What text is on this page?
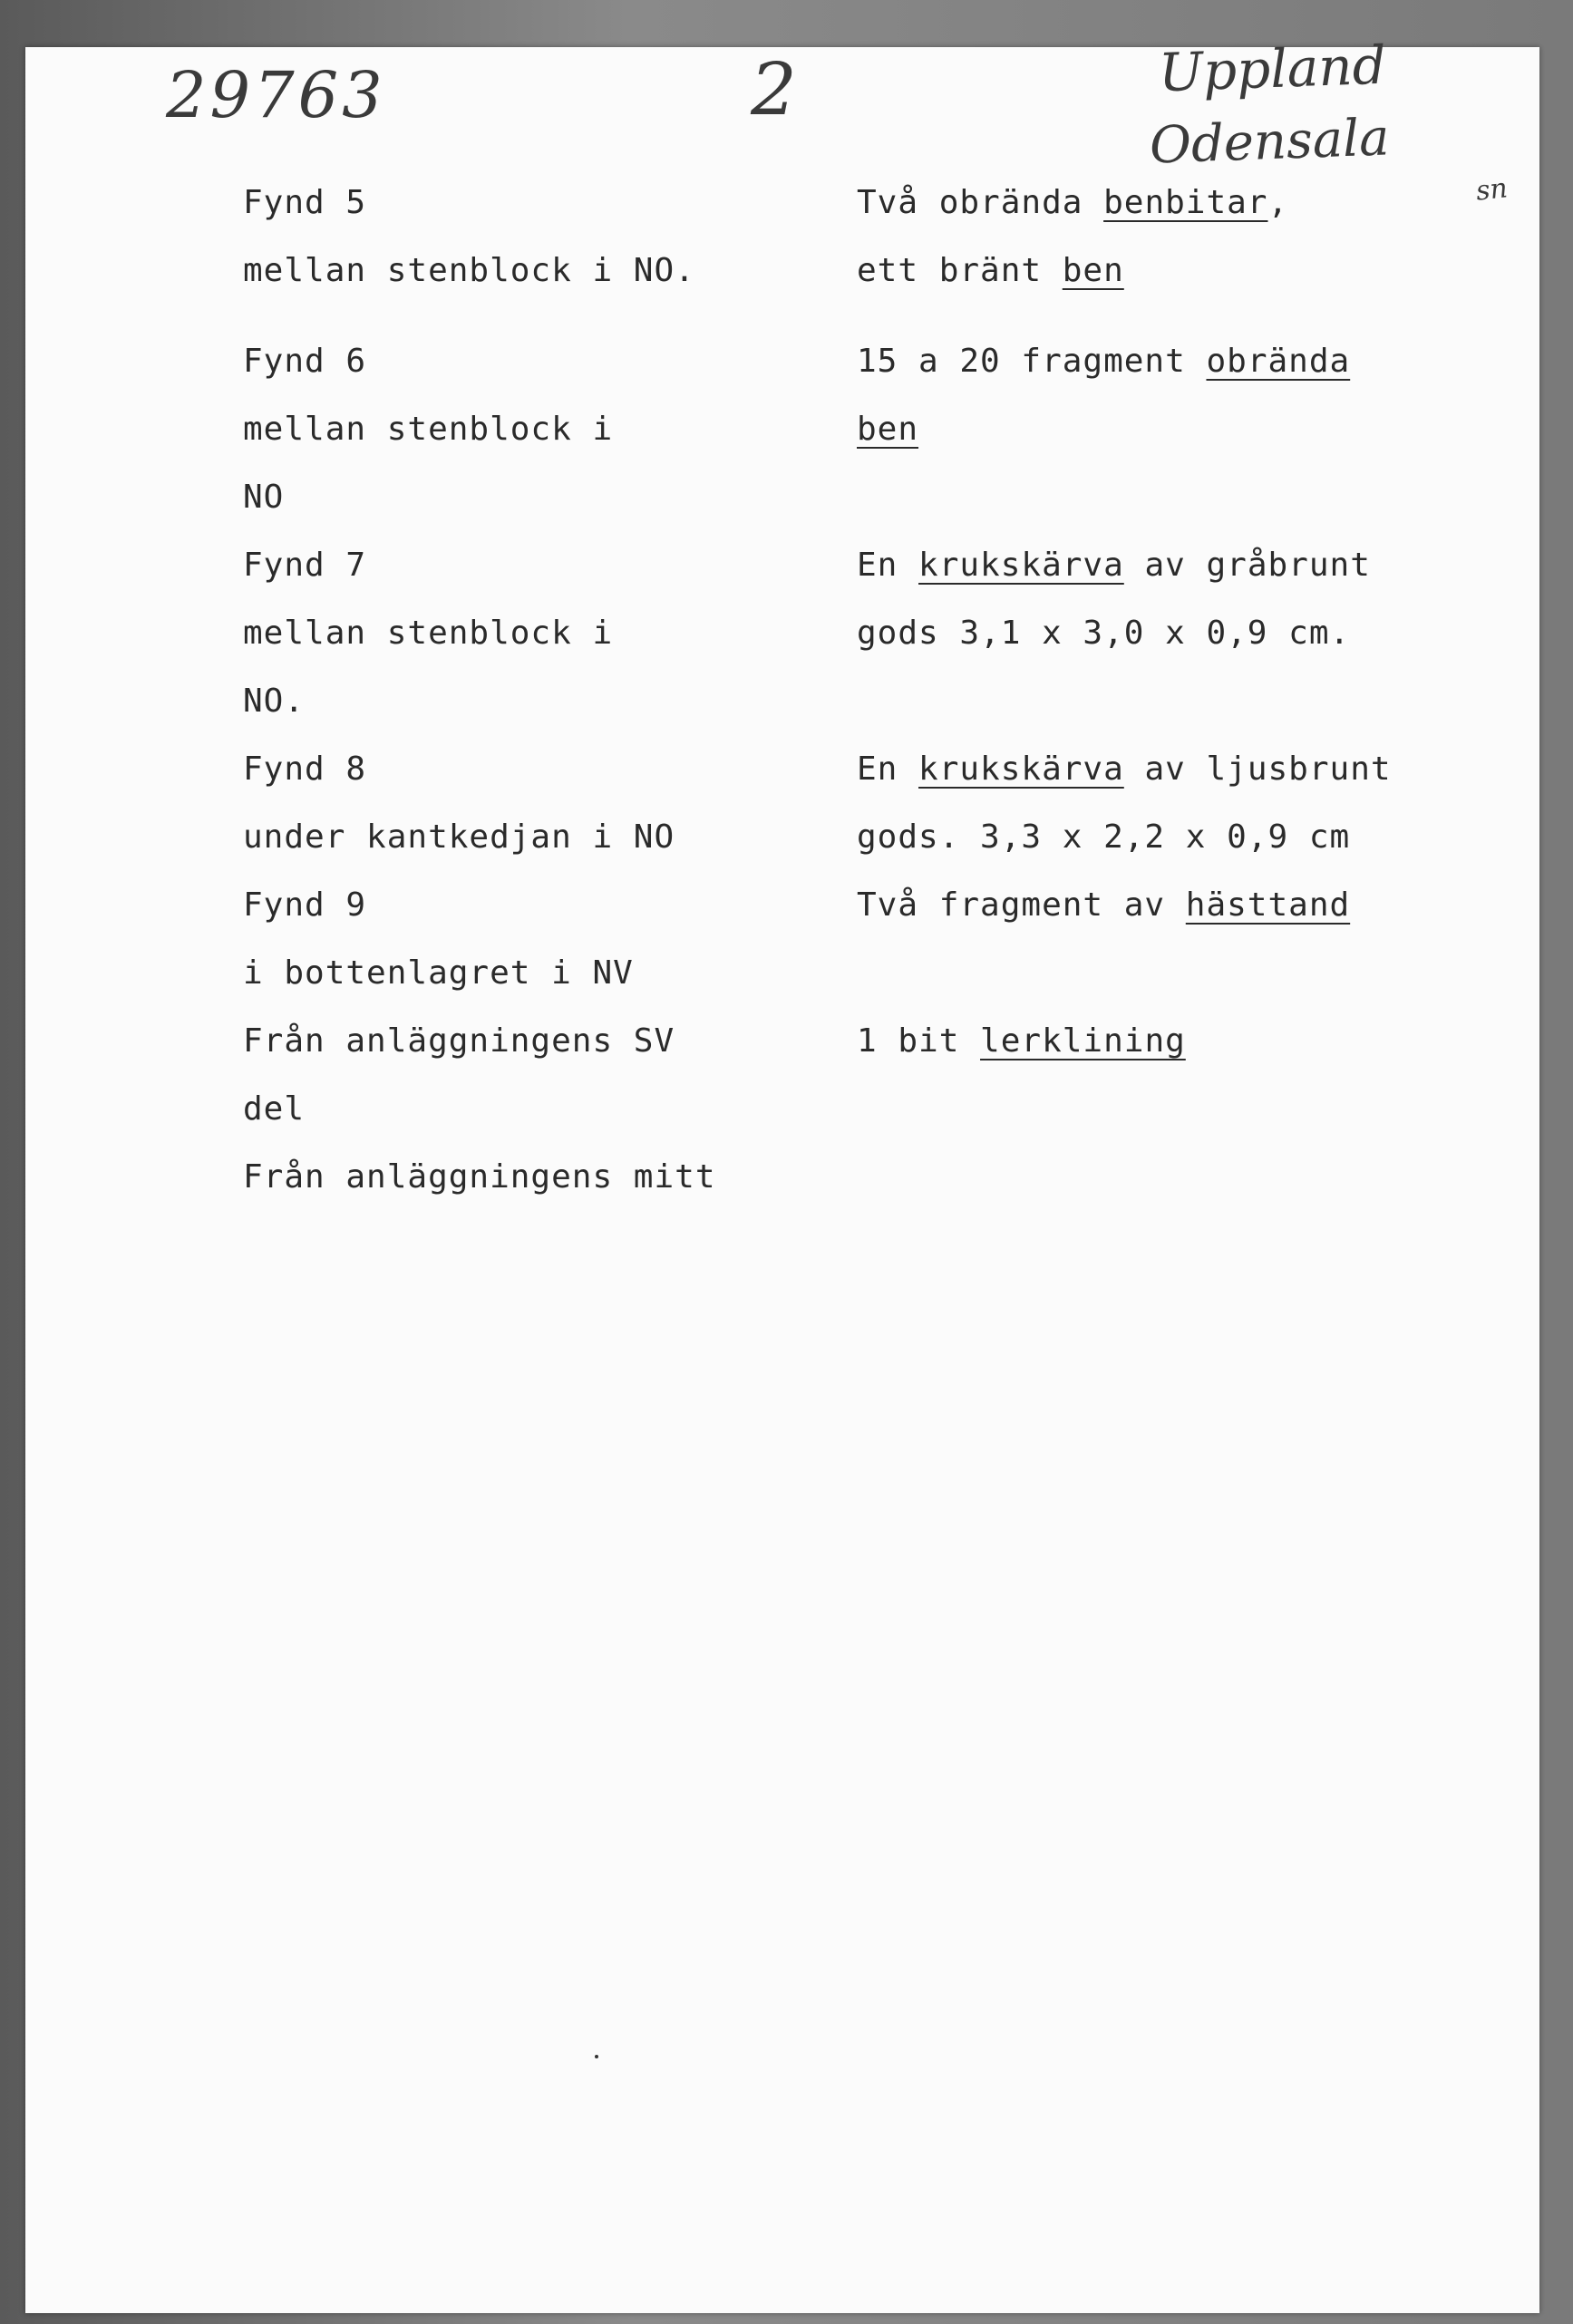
29763	2	Uppland
Odensala
sn
Fynd 5
mellan stenblock i NO.
Två obrända benbitar,
ett bränt ben
Fynd 6
mellan stenblock i
NO
15 a 20 fragment obrända
ben
Fynd 7
mellan stenblock i
NO.
En krukskärva av gråbrunt
gods 3,1 x 3,0 x 0,9 cm.
Fynd 8
under kantkedjan i NO
En krukskärva av ljusbrunt
gods. 3,3 x 2,2 x 0,9 cm
Fynd 9
i bottenlagret i NV
Två fragment av hästtand
Från anläggningens SV
del
1 bit lerklining
Från anläggningens mitt
